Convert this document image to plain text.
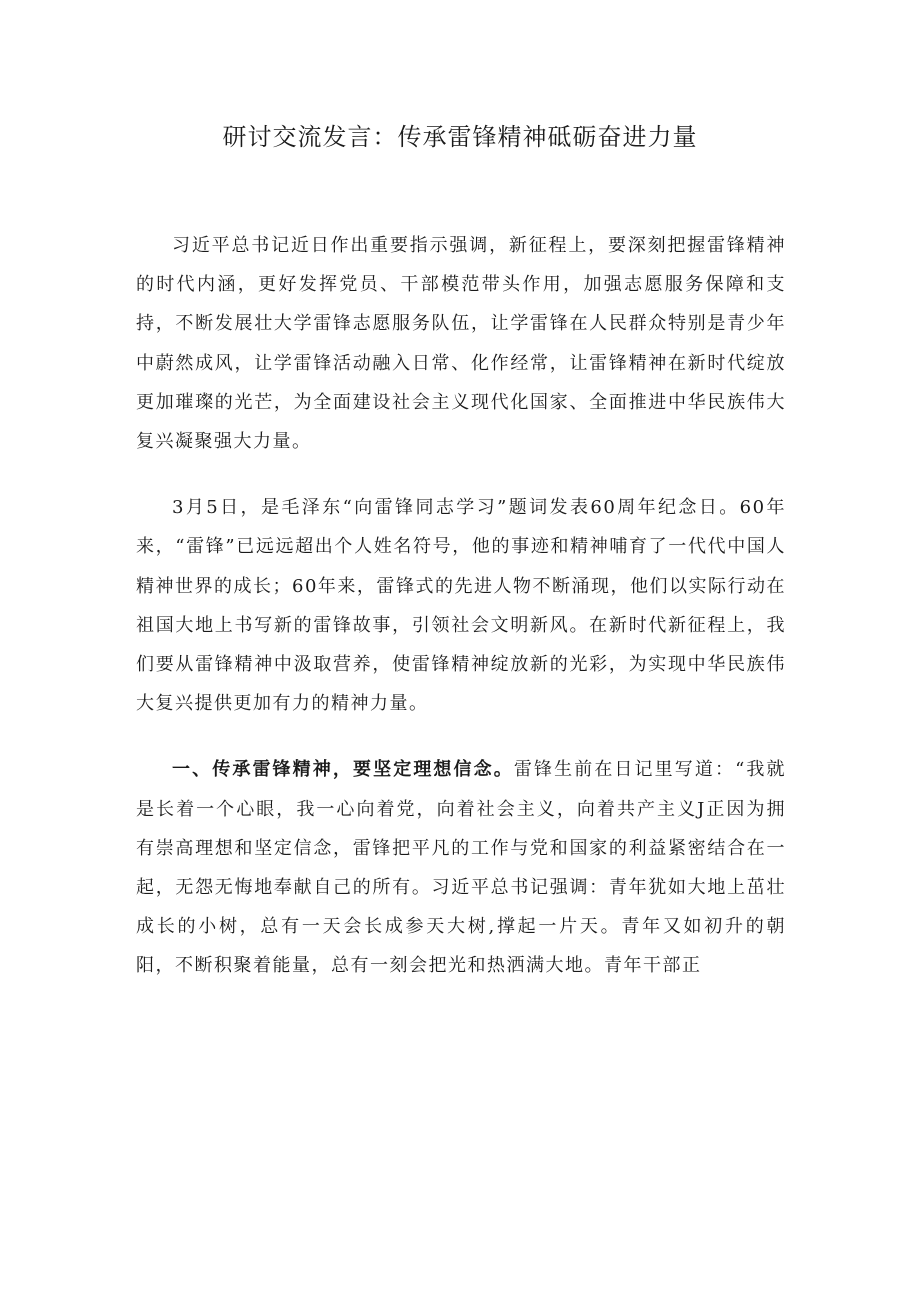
研讨交流发言：传承雷锋精神砥砺奋进力量

习近平总书记近日作出重要指示强调，新征程上，要深刻把握雷锋精神的时代内涵，更好发挥党员、干部模范带头作用，加强志愿服务保障和支持，不断发展壮大学雷锋志愿服务队伍，让学雷锋在人民群众特别是青少年中蔚然成风，让学雷锋活动融入日常、化作经常，让雷锋精神在新时代绽放更加璀璨的光芒，为全面建设社会主义现代化国家、全面推进中华民族伟大复兴凝聚强大力量。

3月5日，是毛泽东“向雷锋同志学习”题词发表60周年纪念日。60年来，“雷锋”已远远超出个人姓名符号，他的事迹和精神哺育了一代代中国人精神世界的成长；60年来，雷锋式的先进人物不断涌现，他们以实际行动在祖国大地上书写新的雷锋故事，引领社会文明新风。在新时代新征程上，我们要从雷锋精神中汲取营养，使雷锋精神绽放新的光彩，为实现中华民族伟大复兴提供更加有力的精神力量。

一、传承雷锋精神，要坚定理想信念。雷锋生前在日记里写道：“我就是长着一个心眼，我一心向着党，向着社会主义，向着共产主义J正因为拥有崇高理想和坚定信念，雷锋把平凡的工作与党和国家的利益紧密结合在一起，无怨无悔地奉献自己的所有。习近平总书记强调：青年犹如大地上茁壮成长的小树，总有一天会长成参天大树,撑起一片天。青年又如初升的朝阳，不断积聚着能量，总有一刻会把光和热洒满大地。青年干部正
